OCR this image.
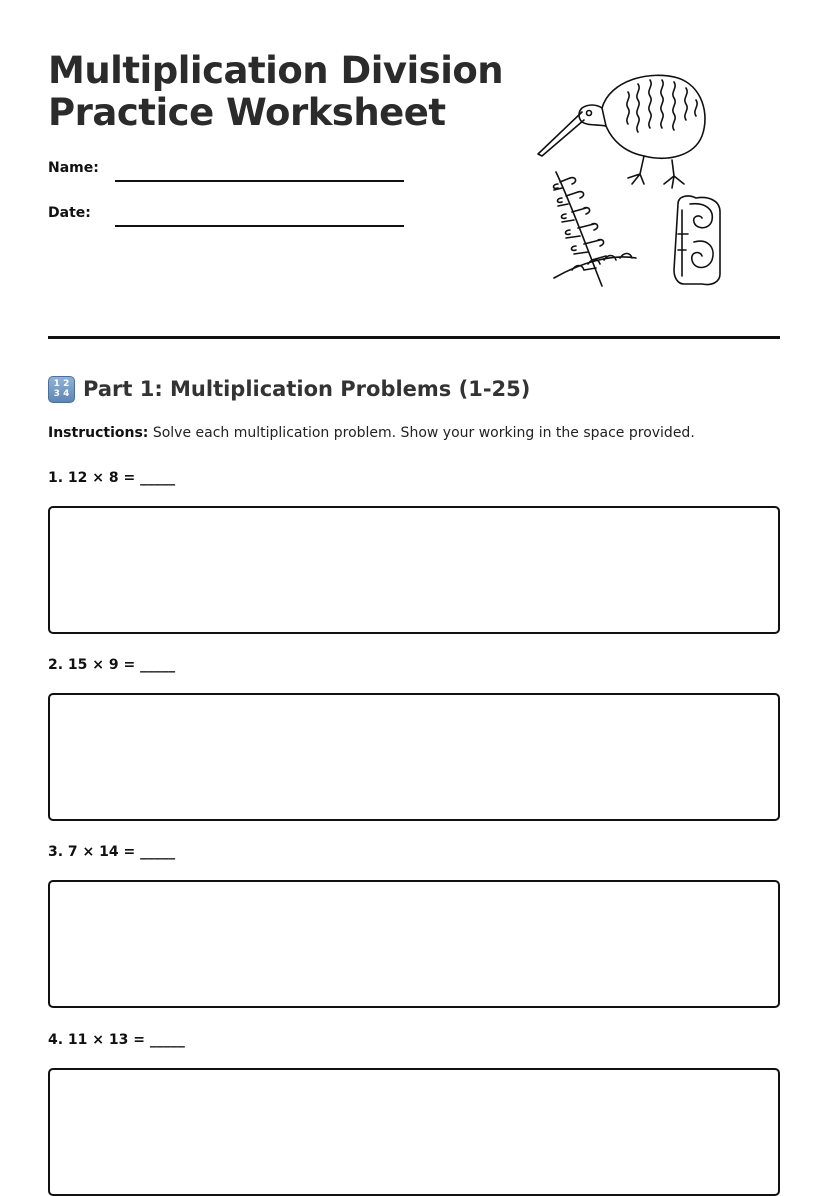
Multiplication Division Practice Worksheet
Name:
Date:
1 2
3 4 Part 1: Multiplication Problems (1-25)
Instructions: Solve each multiplication problem. Show your working in the space provided.
1. 12 × 8 = _____
2. 15 × 9 = _____
3. 7 × 14 = _____
4. 11 × 13 = _____
